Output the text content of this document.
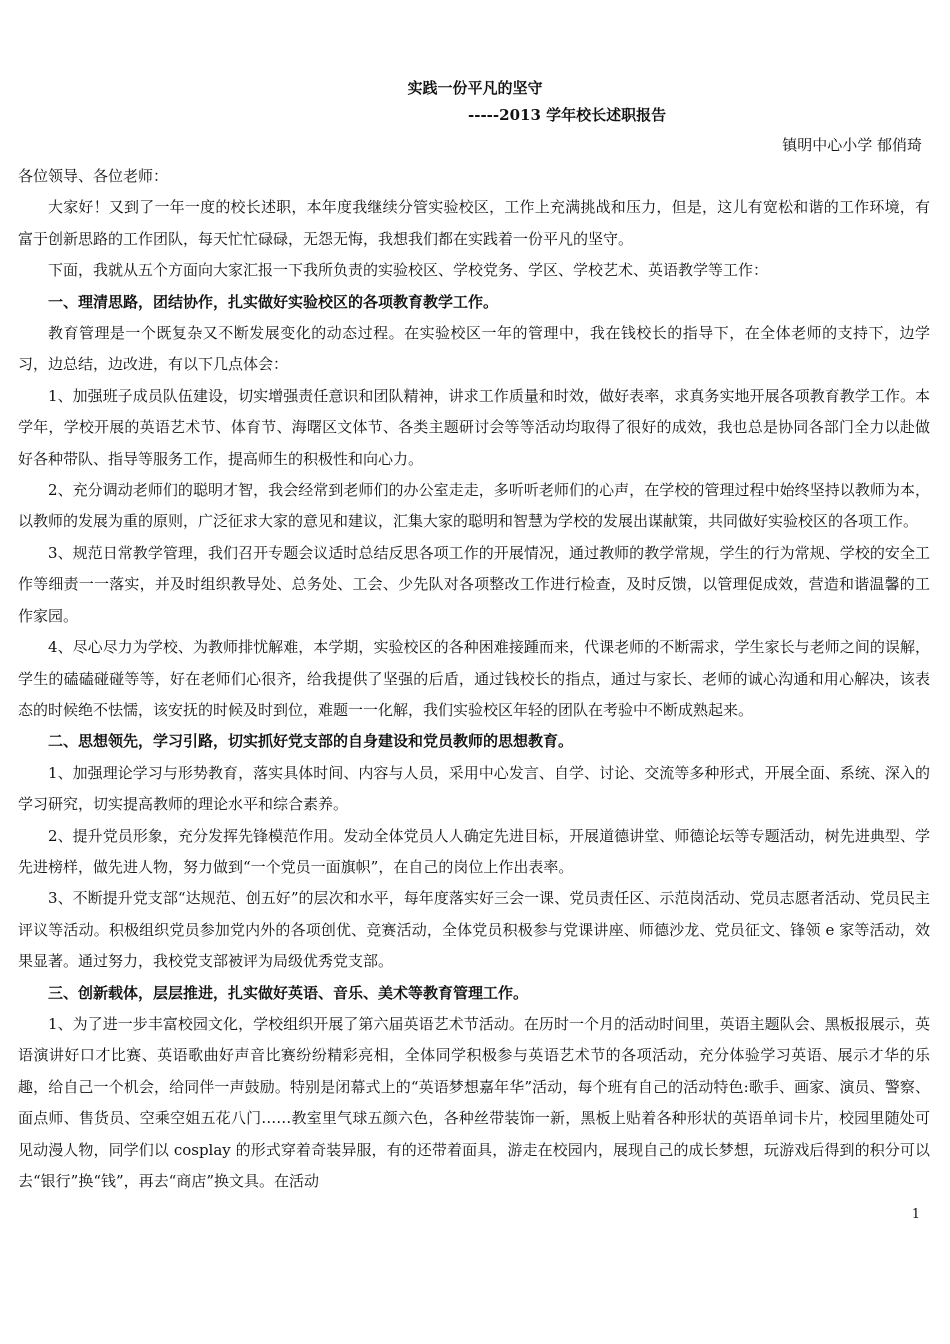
实践一份平凡的坚守
-----2013 学年校长述职报告
镇明中心小学 郁俏琦

各位领导、各位老师：

大家好！又到了一年一度的校长述职，本年度我继续分管实验校区，工作上充满挑战和压力，但是，这儿有宽松和谐的工作环境，有富于创新思路的工作团队，每天忙忙碌碌，无怨无悔，我想我们都在实践着一份平凡的坚守。

下面，我就从五个方面向大家汇报一下我所负责的实验校区、学校党务、学区、学校艺术、英语教学等工作：

一、理清思路，团结协作，扎实做好实验校区的各项教育教学工作。

教育管理是一个既复杂又不断发展变化的动态过程。在实验校区一年的管理中，我在钱校长的指导下，在全体老师的支持下，边学习，边总结，边改进，有以下几点体会：

1、加强班子成员队伍建设，切实增强责任意识和团队精神，讲求工作质量和时效，做好表率，求真务实地开展各项教育教学工作。本学年，学校开展的英语艺术节、体育节、海曙区文体节、各类主题研讨会等等活动均取得了很好的成效，我也总是协同各部门全力以赴做好各种带队、指导等服务工作，提高师生的积极性和向心力。

2、充分调动老师们的聪明才智，我会经常到老师们的办公室走走，多听听老师们的心声，在学校的管理过程中始终坚持以教师为本，以教师的发展为重的原则，广泛征求大家的意见和建议，汇集大家的聪明和智慧为学校的发展出谋献策，共同做好实验校区的各项工作。

3、规范日常教学管理，我们召开专题会议适时总结反思各项工作的开展情况，通过教师的教学常规，学生的行为常规、学校的安全工作等细责一一落实，并及时组织教导处、总务处、工会、少先队对各项整改工作进行检查，及时反馈，以管理促成效，营造和谐温馨的工作家园。

4、尽心尽力为学校、为教师排忧解难，本学期，实验校区的各种困难接踵而来，代课老师的不断需求，学生家长与老师之间的误解，学生的磕磕碰碰等等，好在老师们心很齐，给我提供了坚强的后盾，通过钱校长的指点，通过与家长、老师的诚心沟通和用心解决，该表态的时候绝不怯懦，该安抚的时候及时到位，难题一一化解，我们实验校区年轻的团队在考验中不断成熟起来。

二、思想领先，学习引路，切实抓好党支部的自身建设和党员教师的思想教育。

1、加强理论学习与形势教育，落实具体时间、内容与人员，采用中心发言、自学、讨论、交流等多种形式，开展全面、系统、深入的学习研究，切实提高教师的理论水平和综合素养。

2、提升党员形象，充分发挥先锋模范作用。发动全体党员人人确定先进目标，开展道德讲堂、师德论坛等专题活动，树先进典型、学先进榜样，做先进人物，努力做到“一个党员一面旗帜”，在自己的岗位上作出表率。

3、不断提升党支部“达规范、创五好”的层次和水平，每年度落实好三会一课、党员责任区、示范岗活动、党员志愿者活动、党员民主评议等活动。积极组织党员参加党内外的各项创优、竞赛活动，全体党员积极参与党课讲座、师德沙龙、党员征文、锋领 e 家等活动，效果显著。通过努力，我校党支部被评为局级优秀党支部。

三、创新载体，层层推进，扎实做好英语、音乐、美术等教育管理工作。

1、为了进一步丰富校园文化，学校组织开展了第六届英语艺术节活动。在历时一个月的活动时间里，英语主题队会、黑板报展示，英语演讲好口才比赛、英语歌曲好声音比赛纷纷精彩亮相，全体同学积极参与英语艺术节的各项活动，充分体验学习英语、展示才华的乐趣，给自己一个机会，给同伴一声鼓励。特别是闭幕式上的“英语梦想嘉年华”活动，每个班有自己的活动特色:歌手、画家、演员、警察、面点师、售货员、空乘空姐五花八门……教室里气球五颜六色，各种丝带装饰一新，黑板上贴着各种形状的英语单词卡片，校园里随处可见动漫人物，同学们以 cosplay 的形式穿着奇装异服，有的还带着面具，游走在校园内，展现自己的成长梦想，玩游戏后得到的积分可以去“银行”换“钱”，再去“商店”换文具。在活动

1
